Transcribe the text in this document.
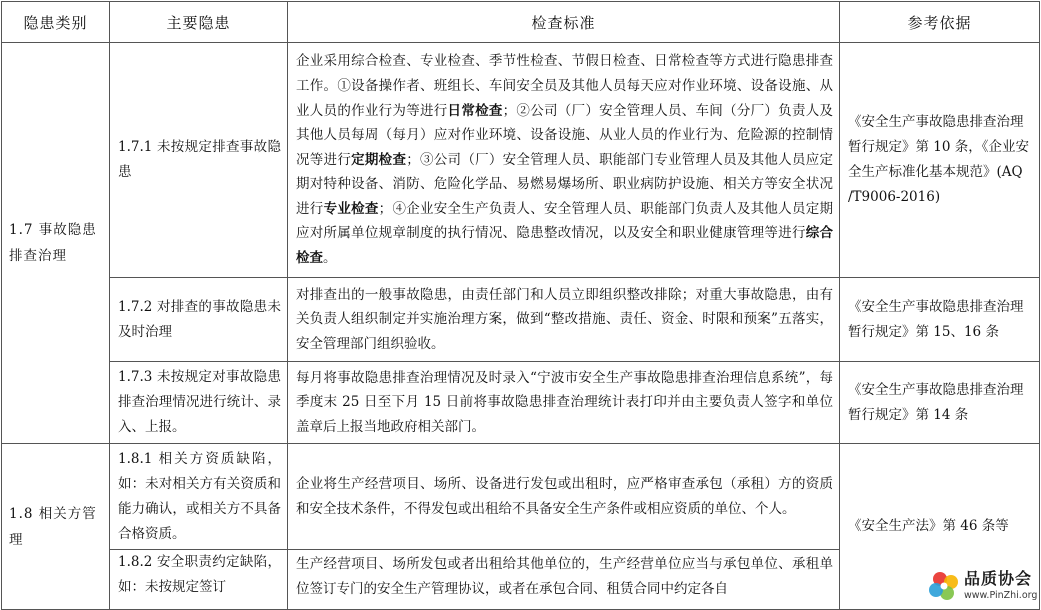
隐患类别	主要隐患	检查标准	参考依据
1.7 事故隐患排查治理	1.7.1 未按规定排查事故隐患	企业采用综合检查、专业检查、季节性检查、节假日检查、日常检查等方式进行隐患排查工作。①设备操作者、班组长、车间安全员及其他人员每天应对作业环境、设备设施、从业人员的作业行为等进行日常检查；②公司（厂）安全管理人员、车间（分厂）负责人及其他人员每周（每月）应对作业环境、设备设施、从业人员的作业行为、危险源的控制情况等进行定期检查；③公司（厂）安全管理人员、职能部门专业管理人员及其他人员应定期对特种设备、消防、危险化学品、易燃易爆场所、职业病防护设施、相关方等安全状况进行专业检查；④企业安全生产负责人、安全管理人员、职能部门负责人及其他人员定期应对所属单位规章制度的执行情况、隐患整改情况，以及安全和职业健康管理等进行综合检查。	《安全生产事故隐患排查治理暂行规定》第 10 条，《企业安全生产标准化基本规范》(AQ /T9006-2016)
	1.7.2 对排查的事故隐患未及时治理	对排查出的一般事故隐患，由责任部门和人员立即组织整改排除；对重大事故隐患，由有关负责人组织制定并实施治理方案，做到“整改措施、责任、资金、时限和预案”五落实，安全管理部门组织验收。	《安全生产事故隐患排查治理暂行规定》第 15、16 条
	1.7.3 未按规定对事故隐患排查治理情况进行统计、录入、上报。	每月将事故隐患排查治理情况及时录入“宁波市安全生产事故隐患排查治理信息系统”，每季度末 25 日至下月 15 日前将事故隐患排查治理统计表打印并由主要负责人签字和单位盖章后上报当地政府相关部门。	《安全生产事故隐患排查治理暂行规定》第 14 条
1.8 相关方管理	1.8.1 相关方资质缺陷，如：未对相关方有关资质和能力确认，或相关方不具备合格资质。	企业将生产经营项目、场所、设备进行发包或出租时，应严格审查承包（承租）方的资质和安全技术条件，不得发包或出租给不具备安全生产条件或相应资质的单位、个人。	《安全生产法》第 46 条等
	1.8.2 安全职责约定缺陷，如：未按规定签订	生产经营项目、场所发包或者出租给其他单位的，生产经营单位应当与承包单位、承租单位签订专门的安全生产管理协议，或者在承包合同、租赁合同中约定各自	
品质协会
www.PinZhi.org
